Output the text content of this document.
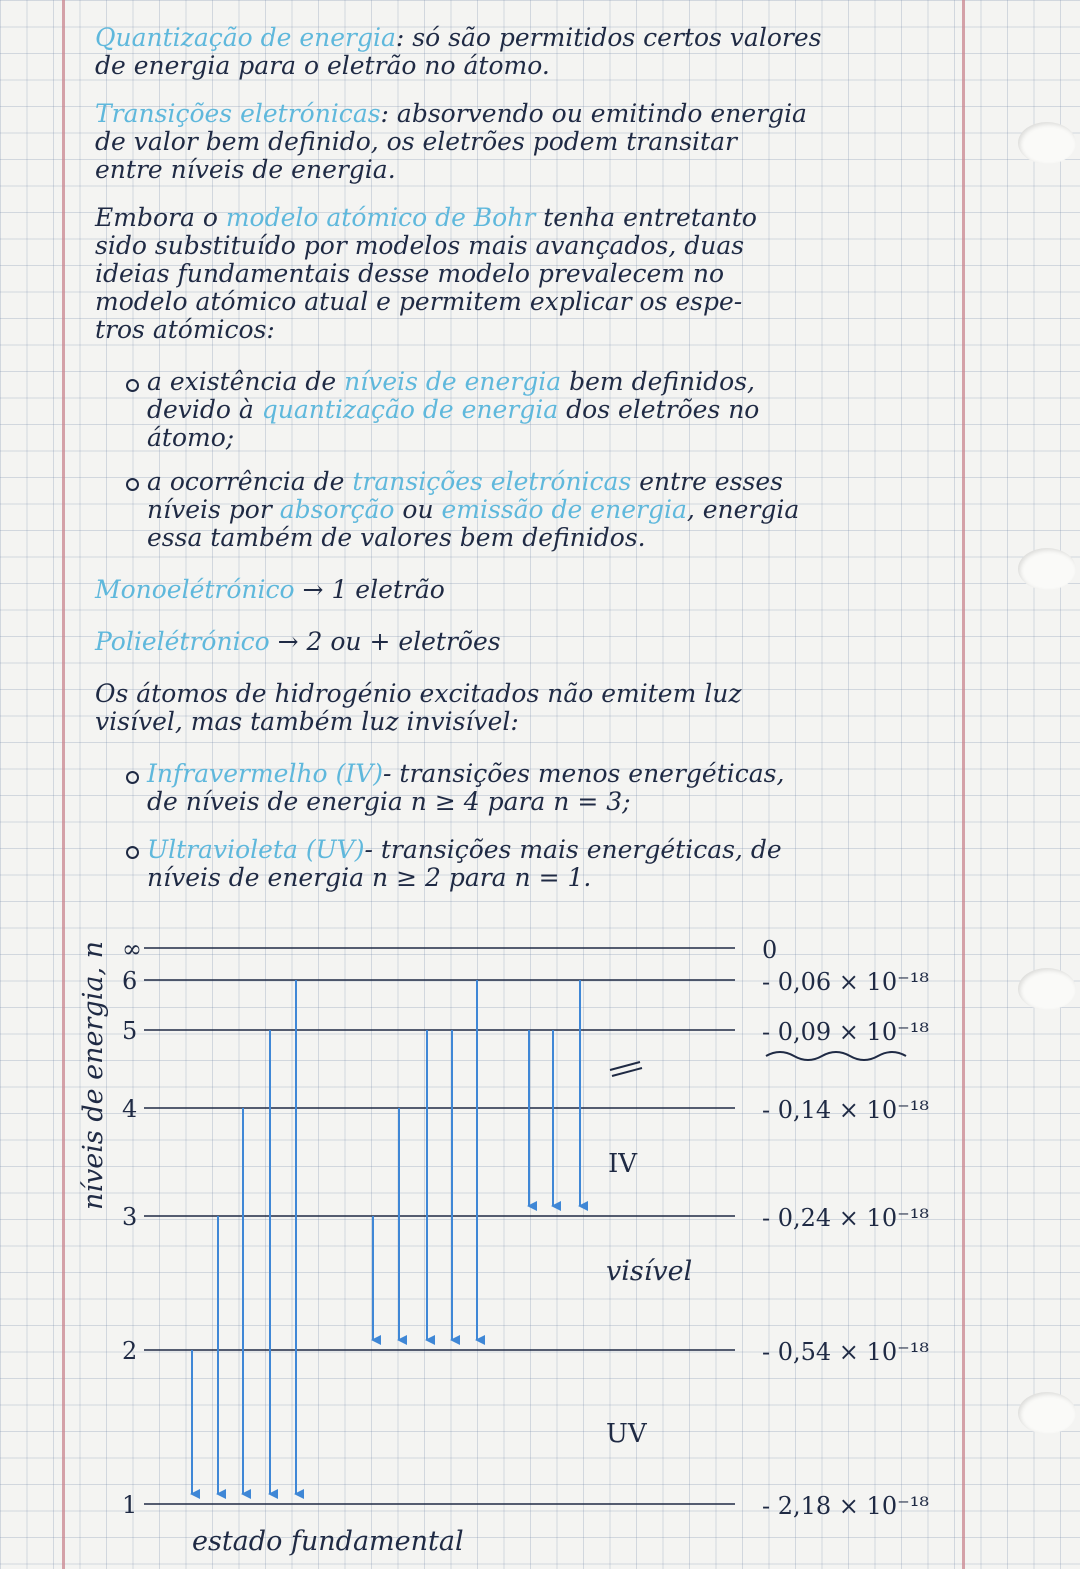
Quantização de energia: só são permitidos certos valores
de energia para o eletrão no átomo.
Transições eletrónicas: absorvendo ou emitindo energia
de valor bem definido, os eletrões podem transitar
entre níveis de energia.
Embora o modelo atómico de Bohr tenha entretanto
sido substituído por modelos mais avançados, duas
ideias fundamentais desse modelo prevalecem no
modelo atómico atual e permitem explicar os espe-
tros atómicos:
a existência de níveis de energia bem definidos,
devido à quantização de energia dos eletrões no
átomo;
a ocorrência de transições eletrónicas entre esses
níveis por absorção ou emissão de energia, energia
essa também de valores bem definidos.
Monoelétrónico → 1 eletrão
Polielétrónico → 2 ou + eletrões
Os átomos de hidrogénio excitados não emitem luz
visível, mas também luz invisível:
Infravermelho (IV)- transições menos energéticas,
de níveis de energia n ≥ 4 para n = 3;
Ultravioleta (UV)- transições mais energéticas, de
níveis de energia n ≥ 2 para n = 1.
níveis de energia, n ∞	0
6	- 0,06 × 10⁻¹⁸
5	- 0,09 × 10⁻¹⁸
4	- 0,14 × 10⁻¹⁸
3	- 0,24 × 10⁻¹⁸
2	- 0,54 × 10⁻¹⁸
1	- 2,18 × 10⁻¹⁸
IV
visível
UV
estado fundamental
